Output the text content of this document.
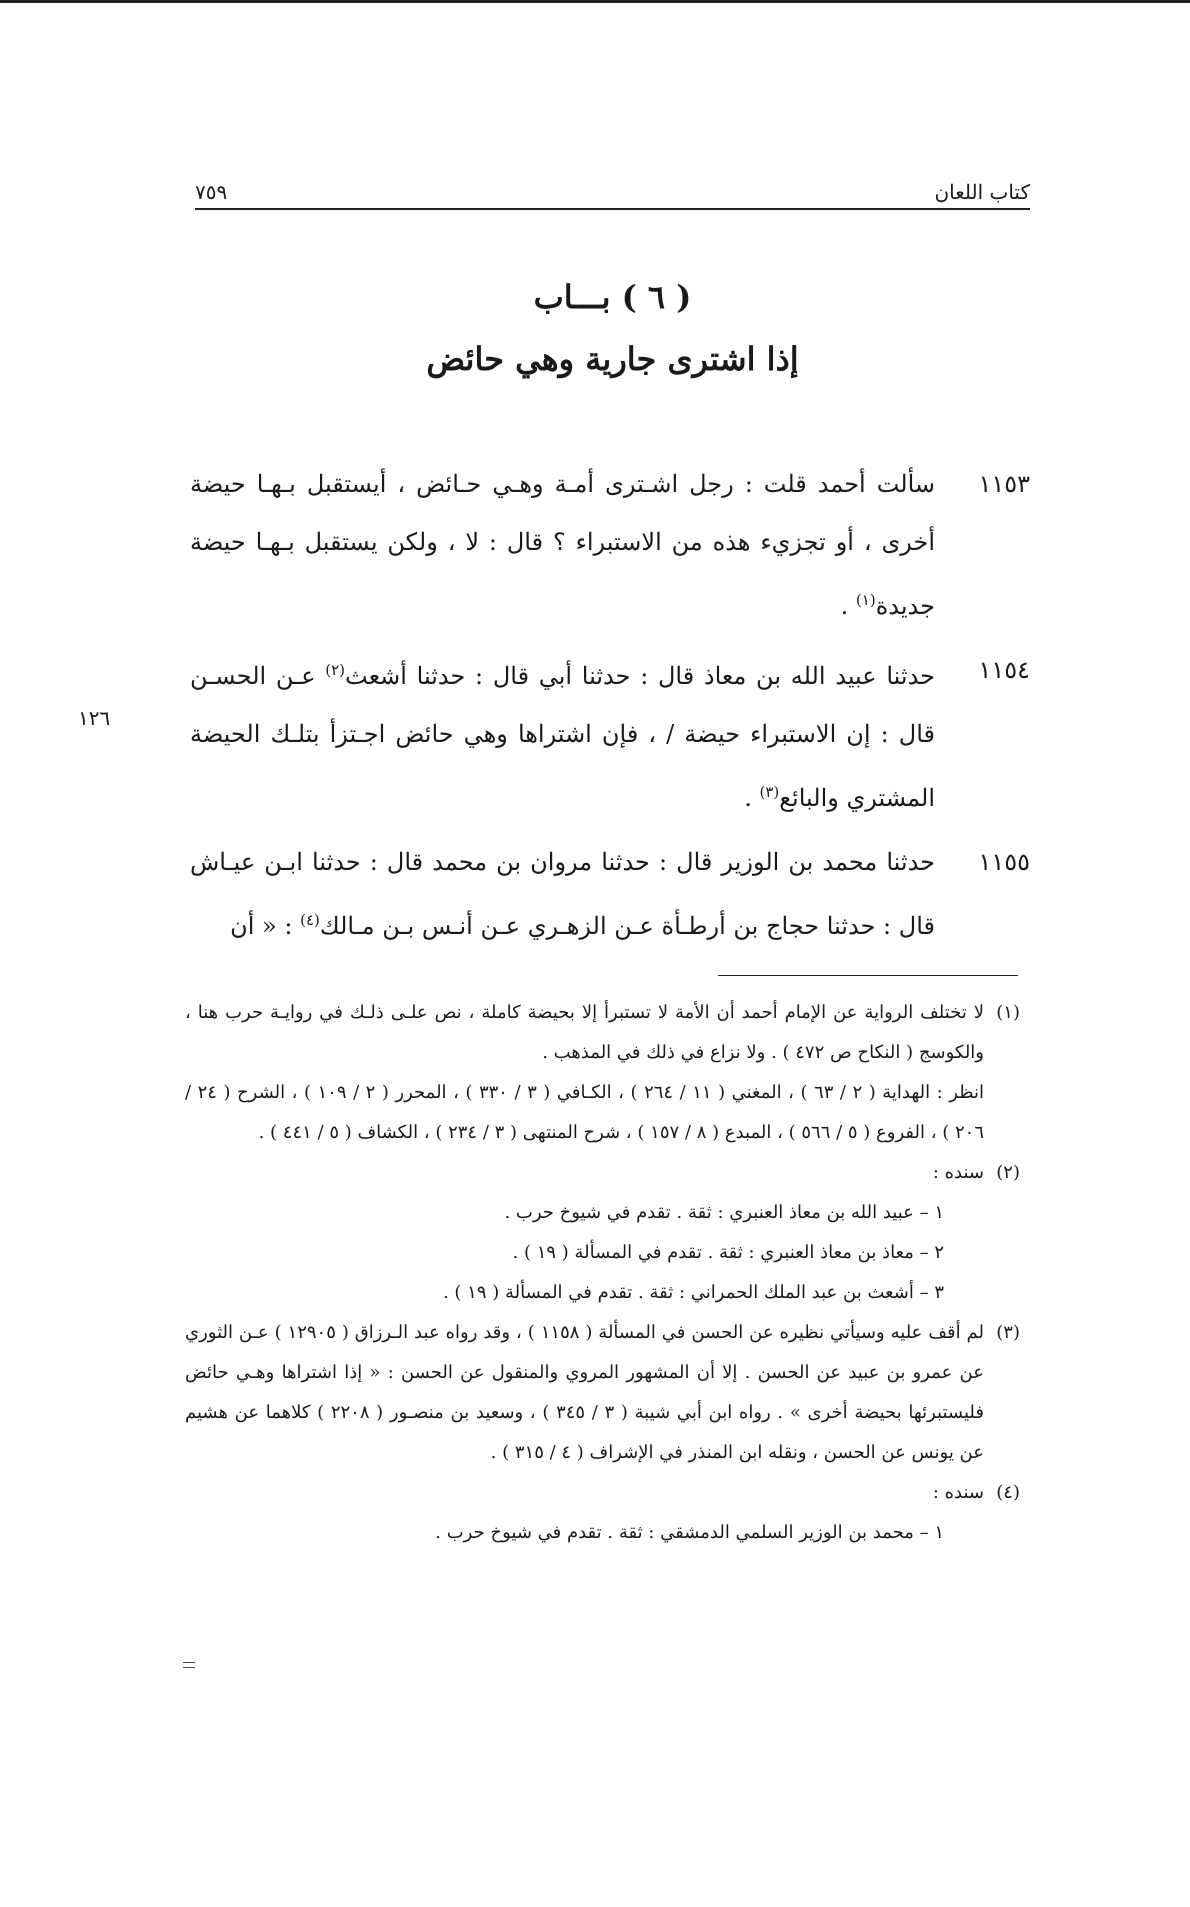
كتاب اللعان
٧٥٩
( ٦ ) بـــاب
إذا اشترى جارية وهي حائض
١١٥٣
سألت أحمد قلت : رجل اشـترى أمـة وهـي حـائض ، أيستقبل بـهـا حيضة أخرى ، أو تجزيء هذه من الاستبراء ؟ قال : لا ، ولكن يستقبل بـهـا حيضة جديدة$^{(١)}$ .
١١٥٤
حدثنا عبيد الله بن معاذ قال : حدثنا أبي قال : حدثنا أشعث$^{(٢)}$ عـن الحسـن قال : إن الاستبراء حيضة / ، فإن اشتراها وهي حائض اجـتزأ بتلـك الحيضة المشتري والبائع$^{(٣)}$ .
١١٥٥
حدثنا محمد بن الوزير قال : حدثنا مروان بن محمد قال : حدثنا ابـن عيـاش قال : حدثنا حجاج بن أرطـأة عـن الزهـري عـن أنـس بـن مـالك$^{(٤)}$ : « أن
١٢٦
(١)
لا تختلف الرواية عن الإمام أحمد أن الأمة لا تستبرأ إلا بحيضة كاملة ، نص علـى ذلـك في روايـة حرب هنا ، والكوسج ( النكاح ص ٤٧٢ ) . ولا نزاع في ذلك في المذهب .
انظر : الهداية ( ٢ / ٦٣ ) ، المغني ( ١١ / ٢٦٤ ) ، الكـافي ( ٣ / ٣٣٠ ) ، المحرر ( ٢ / ١٠٩ ) ، الشرح ( ٢٤ / ٢٠٦ ) ، الفروع ( ٥ / ٥٦٦ ) ، المبدع ( ٨ / ١٥٧ ) ، شرح المنتهى ( ٣ / ٢٣٤ ) ، الكشاف ( ٥ / ٤٤١ ) .
(٢)
سنده :
١ – عبيد الله بن معاذ العنبري : ثقة . تقدم في شيوخ حرب .
٢ – معاذ بن معاذ العنبري : ثقة . تقدم في المسألة ( ١٩ ) .
٣ – أشعث بن عبد الملك الحمراني : ثقة . تقدم في المسألة ( ١٩ ) .
(٣)
لم أقف عليه وسيأتي نظيره عن الحسن في المسألة ( ١١٥٨ ) ، وقد رواه عبد الـرزاق ( ١٢٩٠٥ ) عـن الثوري عن عمرو بن عبيد عن الحسن . إلا أن المشهور المروي والمنقول عن الحسن : « إذا اشتراها وهـي حائض فليستبرئها بحيضة أخرى » . رواه ابن أبي شيبة ( ٣ / ٣٤٥ ) ، وسعيد بن منصـور ( ٢٢٠٨ ) كلاهما عن هشيم عن يونس عن الحسن ، ونقله ابن المنذر في الإشراف ( ٤ / ٣١٥ ) .
(٤)
سنده :
١ – محمد بن الوزير السلمي الدمشقي : ثقة . تقدم في شيوخ حرب .
